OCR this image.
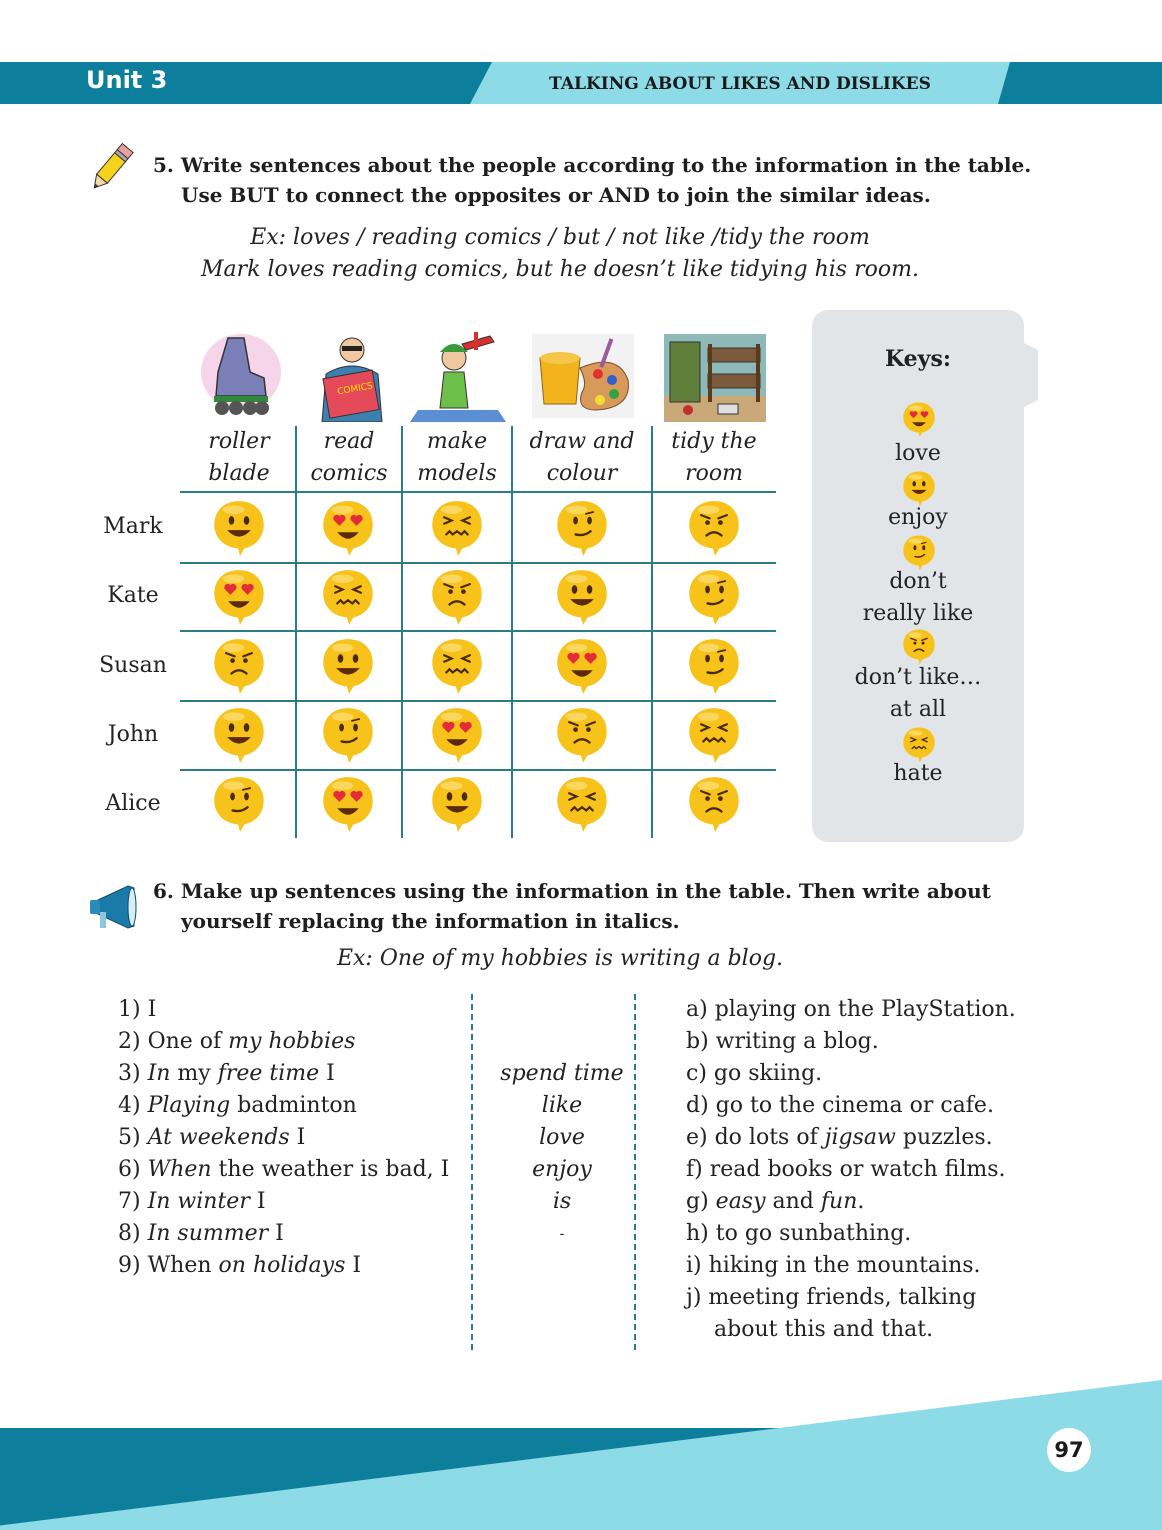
Unit 3	TALKING ABOUT LIKES AND DISLIKES
5. Write sentences about the people according to the information in the table.
Use BUT to connect the opposites or AND to join the similar ideas.
Ex: loves / reading comics / but / not like /tidy the room
Mark loves reading comics, but he doesn’t like tidying his room.
COMICS
roller
blade
read
comics
make
models
draw and
colour
tidy the
room
Mark
Kate
Susan
John
Alice
Keys:
love
enjoy
don’t
really like
don’t like…
at all
hate
6. Make up sentences using the information in the table. Then write about
yourself replacing the information in italics.
Ex: One of my hobbies is writing a blog.
1) I
2) One of my hobbies
3) In my free time I
4) Playing badminton
5) At weekends I
6) When the weather is bad, I
7) In winter I
8) In summer I
9) When on holidays I
spend time
like
love
enjoy
is
-
a) playing on the PlayStation.
b) writing a blog.
c) go skiing.
d) go to the cinema or cafe.
e) do lots of jigsaw puzzles.
f) read books or watch films.
g) easy and fun.
h) to go sunbathing.
i) hiking in the mountains.
j) meeting friends, talking
about this and that.
97
